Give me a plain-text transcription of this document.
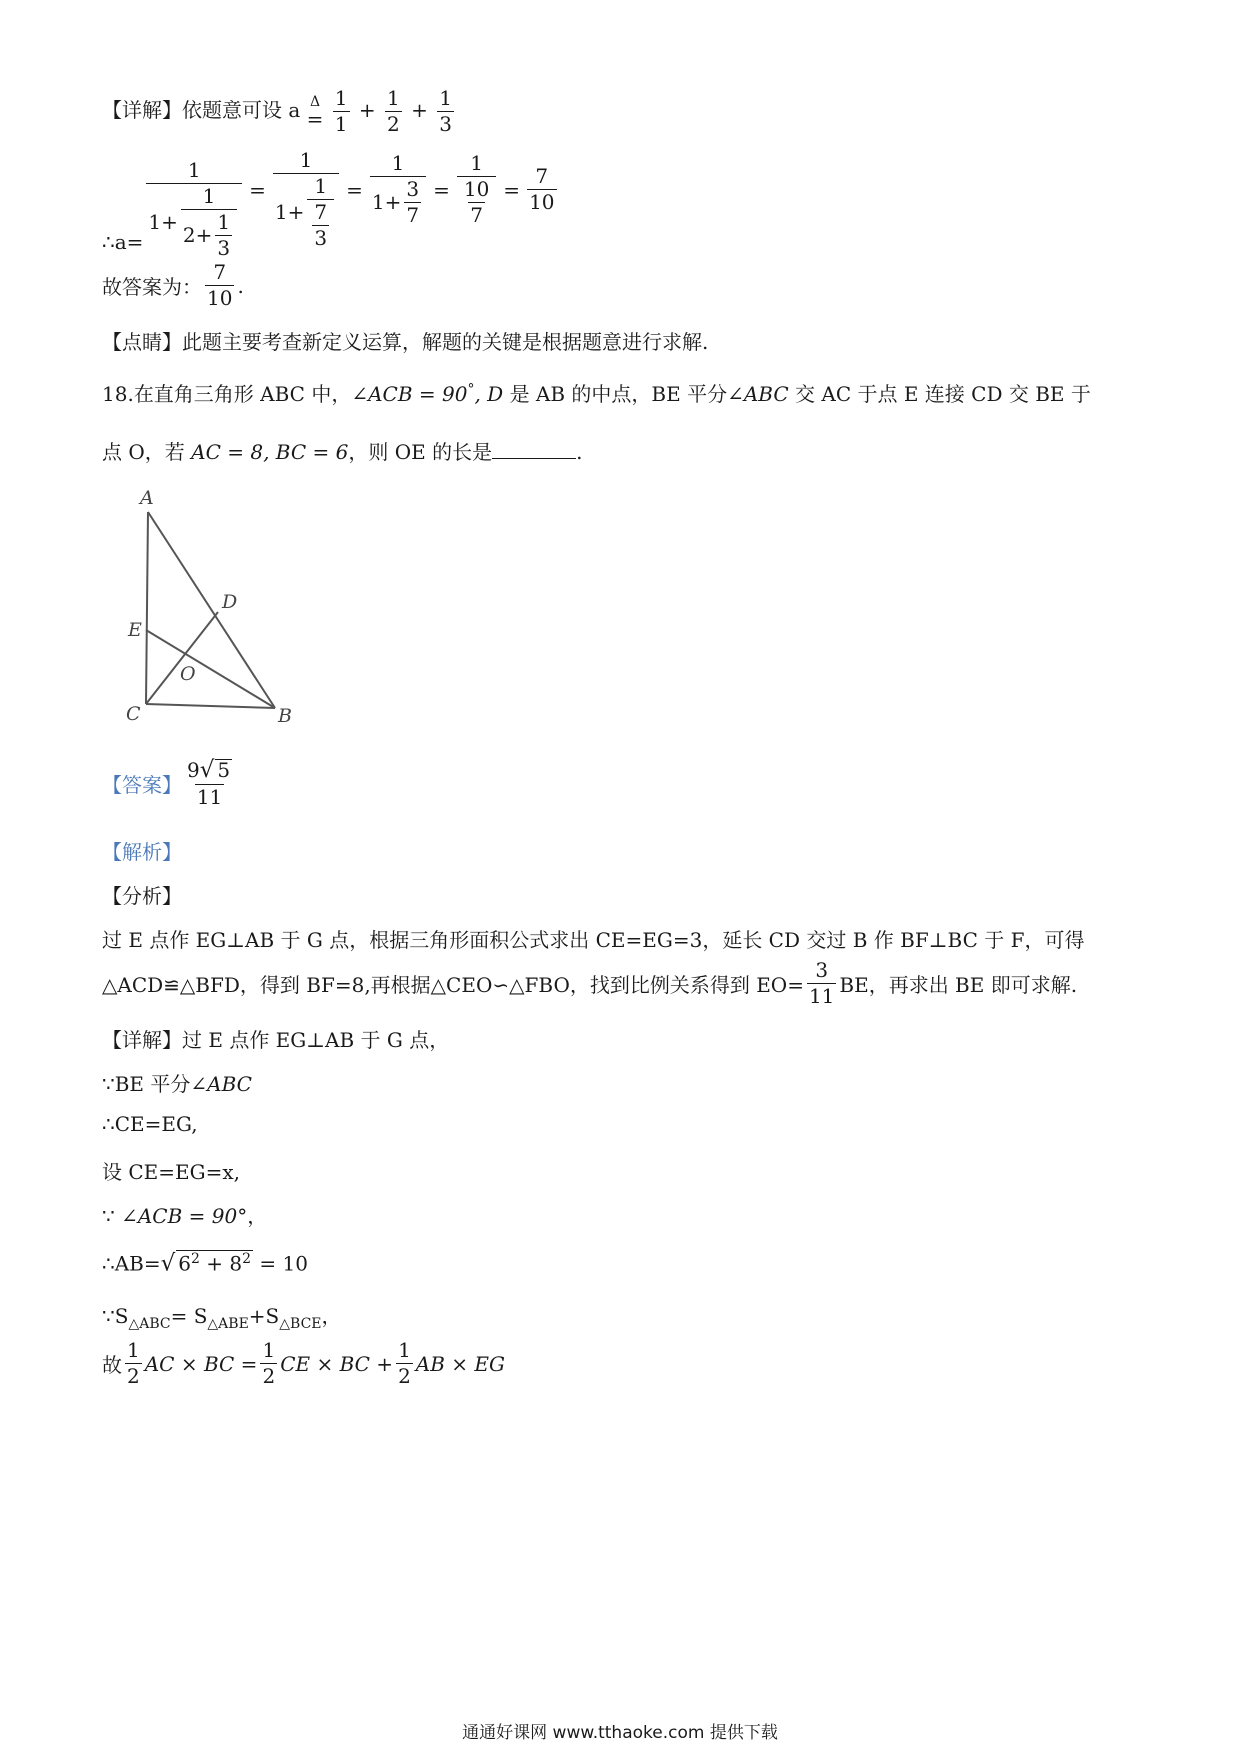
【详解】依题意可设 a Δ
=
$\frac{1}{1} + \frac{1}{2} + \frac{1}{3}$
∴a= $\frac{1}{1+ \frac{1}{2+ \frac{1}{3}}} = \frac{1}{1+ \frac{1}{\frac{7}{3}}} = \frac{1}{1+ \frac{3}{7}} = \frac{1}{\frac{10}{7}} = \frac{7}{10}$
故答案为： $\frac{7}{10}$ .
【点睛】此题主要考查新定义运算，解题的关键是根据题意进行求解.
18.在直角三角形 ABC 中，∠ACB = 90°, D 是 AB 的中点，BE 平分∠ABC 交 AC 于点 E 连接 CD 交 BE 于
点 O，若 AC = 8, BC = 6，则 OE 的长是	.
A
B
C
D
E
O
【答案】 $\frac{9√ 5}{11}$
【解析】
【分析】
过 E 点作 EG⊥AB 于 G 点，根据三角形面积公式求出 CE=EG=3，延长 CD 交过 B 作 BF⊥BC 于 F，可得
△ACD≌△BFD，得到 BF=8,再根据△CEO∽△FBO，找到比例关系得到 $EO= \frac{3}{11}$ BE，再求出 BE 即可求解.
【详解】过 E 点作 EG⊥AB 于 G 点，
∵BE 平分∠ABC
∴CE=EG,
设 CE=EG=x,
∵ ∠ACB = 90°，
∴AB=√ $6^2 + 8^2 = 10$
$\because S_{\triangle ABC}= S_{\triangle ABE}+S_{\triangle BCE}$，
故 $\frac{1}{2}$ AC × BC = $\frac{1}{2}$ CE × BC + $\frac{1}{2}$ AB × EG
通通好课网 www.tthaoke.com 提供下载
